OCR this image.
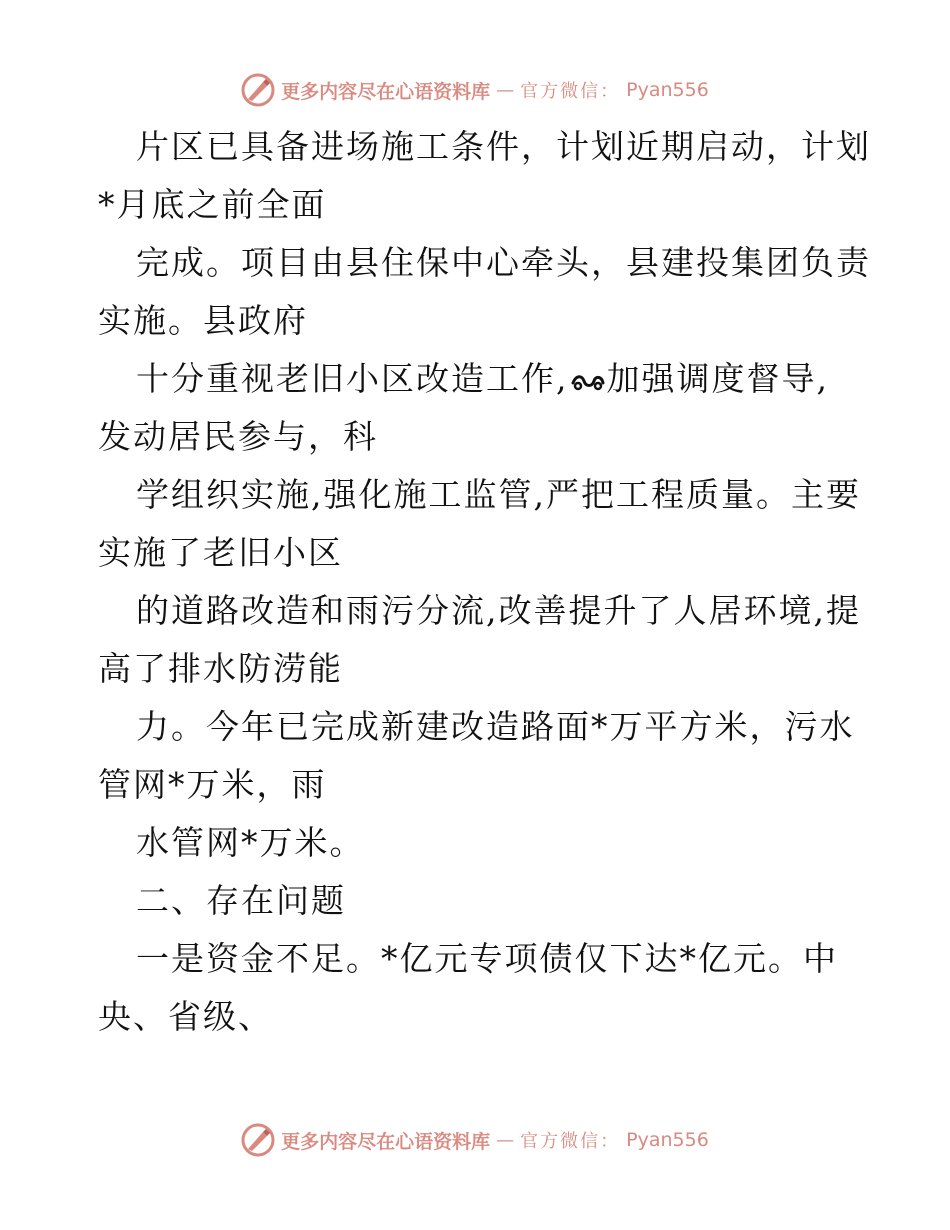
更多内容尽在心语资料库 — 官方微信： Pyan556
片区已具备进场施工条件，计划近期启动，计划
*月底之前全面
完成。项目由县住保中心牵头，县建投集团负责
实施。县政府
十分重视老旧小区改造工作, 加强调度督导,
发动居民参与，科
学组织实施,强化施工监管,严把工程质量。主要
实施了老旧小区
的道路改造和雨污分流,改善提升了人居环境,提
高了排水防涝能
力。今年已完成新建改造路面*万平方米，污水
管网*万米，雨
水管网*万米。
二、存在问题
一是资金不足。*亿元专项债仅下达*亿元。中
央、省级、
更多内容尽在心语资料库 — 官方微信： Pyan556
